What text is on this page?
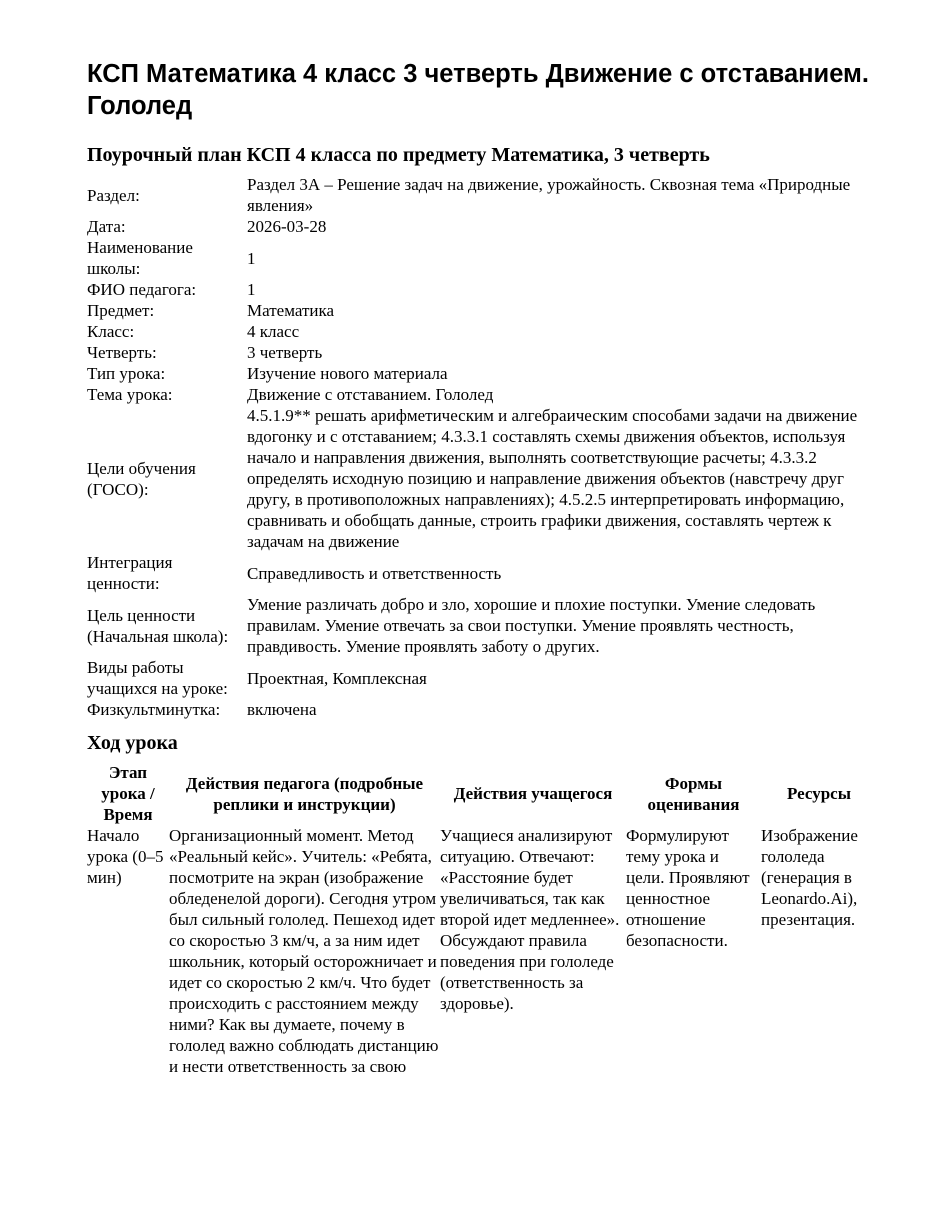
КСП Математика 4 класс 3 четверть Движение с отставанием. Гололед
Поурочный план КСП 4 класса по предмету Математика, 3 четверть
Раздел:	Раздел 3А – Решение задач на движение, урожайность. Сквозная тема «Природные явления»
Дата:	2026-03-28
Наименование школы:	1
ФИО педагога:	1
Предмет:	Математика
Класс:	4 класс
Четверть:	3 четверть
Тип урока:	Изучение нового материала
Тема урока:	Движение с отставанием. Гололед
Цели обучения (ГОСО):	4.5.1.9** решать арифметическим и алгебраическим способами задачи на движение вдогонку и с отставанием; 4.3.3.1 составлять схемы движения объектов, используя начало и направления движения, выполнять соответствующие расчеты; 4.3.3.2 определять исходную позицию и направление движения объектов (навстречу друг другу, в противоположных направлениях); 4.5.2.5 интерпретировать информацию, сравнивать и обобщать данные, строить графики движения, составлять чертеж к задачам на движение
Интеграция ценности:	Справедливость и ответственность
Цель ценности (Начальная школа):	Умение различать добро и зло, хорошие и плохие поступки. Умение следовать правилам. Умение отвечать за свои поступки. Умение проявлять честность, правдивость. Умение проявлять заботу о других.
Виды работы учащихся на уроке:	Проектная, Комплексная
Физкультминутка:	включена
Ход урока
Этап урока / Время	Действия педагога (подробные реплики и инструкции)	Действия учащегося	Формы оценивания	Ресурсы
Начало урока (0–5 мин)	Организационный момент. Метод «Реальный кейс». Учитель: «Ребята, посмотрите на экран (изображение обледенелой дороги). Сегодня утром был сильный гололед. Пешеход идет со скоростью 3 км/ч, а за ним идет школьник, который осторожничает и идет со скоростью 2 км/ч. Что будет происходить с расстоянием между ними? Как вы думаете, почему в гололед важно соблюдать дистанцию и нести ответственность за свою	Учащиеся анализируют ситуацию. Отвечают: «Расстояние будет увеличиваться, так как второй идет медленнее». Обсуждают правила поведения при гололеде (ответственность за здоровье).	Формулируют тему урока и цели. Проявляют ценностное отношение безопасности.	Изображение гололеда (генерация в Leonardo.Ai), презентация.
